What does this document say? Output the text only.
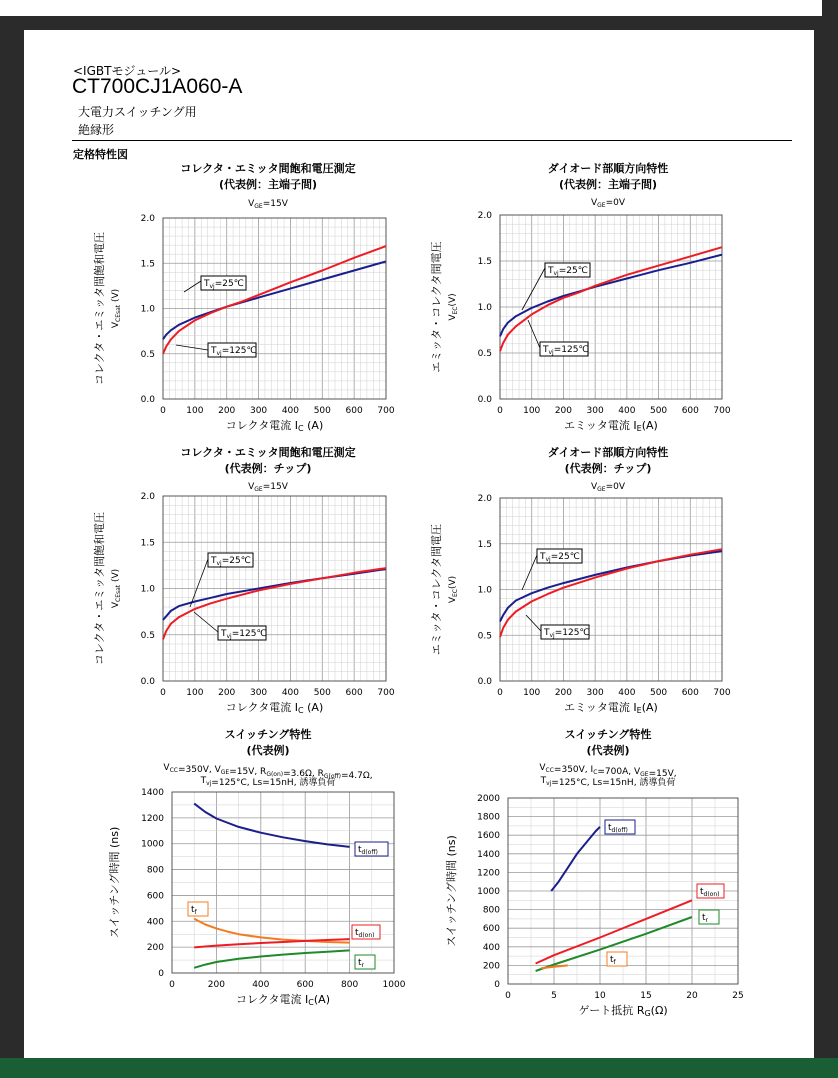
<IGBTモジュール>
CT700CJ1A060-A
大電力スイッチング用
絶縁形
定格特性図
コレクタ・エミッタ間飽和電圧測定
(代表例：主端子間)
$V_{GE}=15V$
0 100 200 300 400 500 600 700
0.0
0.5
1.0
1.5
2.0
コレクタ電流 IC (A)
コレクタ・エミッタ間飽和電圧 $V_{CEsat}$ (V)
$T_{vj}=25℃$
$T_{vj}=125℃$
ダイオード部順方向特性
(代表例：主端子間)
$V_{GE}=0V$
0 100 200 300 400 500 600 700
0.0
0.5
1.0
1.5
2.0
エミッタ電流 IE(A)
エミッタ・コレクタ間電圧 $V_{EC}(V)$
$T_{vj}=25℃$
$T_{vj}=125℃$
コレクタ・エミッタ間飽和電圧測定
(代表例：チップ)
$V_{GE}=15V$
0 100 200 300 400 500 600 700
0.0
0.5
1.0
1.5
2.0
コレクタ電流 IC (A)
コレクタ・エミッタ間飽和電圧 $V_{CEsat}$ (V)
$T_{vj}=25℃$
$T_{vj}=125℃$
ダイオード部順方向特性
(代表例：チップ)
$V_{GE}=0V$
0 100 200 300 400 500 600 700
0.0
0.5
1.0
1.5
2.0
エミッタ電流 IE(A)
エミッタ・コレクタ間電圧 $V_{EC}(V)$
$T_{vj}=25℃$
$T_{vj}=125℃$
スイッチング特性
(代表例)
$V_{CC}=350V$, $V_{GE}=15V$, $R_{G(on)}=3.6\Omega$, $R_{G(off)}=4.7\Omega$,
$T_{vj}=125^\circ C$, Ls=15nH, 誘導負荷
0	200	400	600	800	1000
0
200
400
600
800
1000
1200
1400
コレクタ電流 IC(A)
スイッチング時間 (ns)	$t_{d(off)}$
$t_f$
$t_{d(on)}$
$t_r$
スイッチング特性
(代表例)
$V_{CC}=350V$, $I_C=700A$, $V_{GE}=15V$,
$T_{vj}=125^\circ C$, Ls=15nH, 誘導負荷
0	5	10	15	20	25
0
200
400
600
800
1000
1200
1400
1600
1800
2000
ゲート抵抗 RG(Ω)
スイッチング時間 (ns)
$t_{d(off)}$
$t_{d(on)}$
$t_r$
$t_f$
